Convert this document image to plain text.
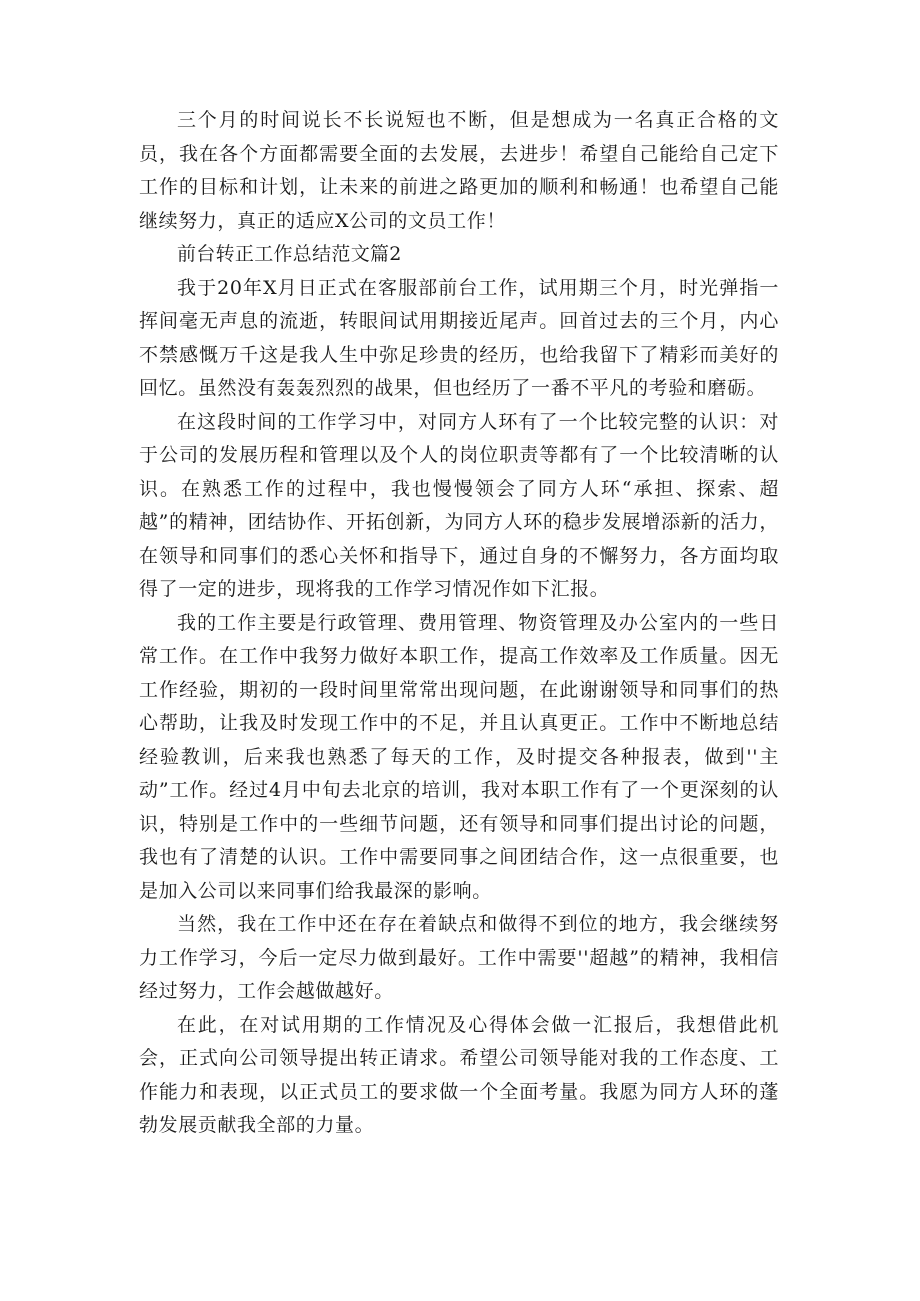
三个月的时间说长不长说短也不断，但是想成为一名真正合格的文员，我在各个方面都需要全面的去发展，去进步！希望自己能给自己定下工作的目标和计划，让未来的前进之路更加的顺利和畅通！也希望自己能继续努力，真正的适应X公司的文员工作！

前台转正工作总结范文篇2

我于20年X月日正式在客服部前台工作，试用期三个月，时光弹指一挥间毫无声息的流逝，转眼间试用期接近尾声。回首过去的三个月，内心不禁感慨万千这是我人生中弥足珍贵的经历，也给我留下了精彩而美好的回忆。虽然没有轰轰烈烈的战果，但也经历了一番不平凡的考验和磨砺。

在这段时间的工作学习中，对同方人环有了一个比较完整的认识：对于公司的发展历程和管理以及个人的岗位职责等都有了一个比较清晰的认识。在熟悉工作的过程中，我也慢慢领会了同方人环“承担、探索、超越”的精神，团结协作、开拓创新，为同方人环的稳步发展增添新的活力，在领导和同事们的悉心关怀和指导下，通过自身的不懈努力，各方面均取得了一定的进步，现将我的工作学习情况作如下汇报。

我的工作主要是行政管理、费用管理、物资管理及办公室内的一些日常工作。在工作中我努力做好本职工作，提高工作效率及工作质量。因无工作经验，期初的一段时间里常常出现问题，在此谢谢领导和同事们的热心帮助，让我及时发现工作中的不足，并且认真更正。工作中不断地总结经验教训，后来我也熟悉了每天的工作，及时提交各种报表，做到''主动”工作。经过4月中旬去北京的培训，我对本职工作有了一个更深刻的认识，特别是工作中的一些细节问题，还有领导和同事们提出讨论的问题，我也有了清楚的认识。工作中需要同事之间团结合作，这一点很重要，也是加入公司以来同事们给我最深的影响。

当然，我在工作中还在存在着缺点和做得不到位的地方，我会继续努力工作学习，今后一定尽力做到最好。工作中需要''超越”的精神，我相信经过努力，工作会越做越好。

在此，在对试用期的工作情况及心得体会做一汇报后，我想借此机会，正式向公司领导提出转正请求。希望公司领导能对我的工作态度、工作能力和表现，以正式员工的要求做一个全面考量。我愿为同方人环的蓬勃发展贡献我全部的力量。
